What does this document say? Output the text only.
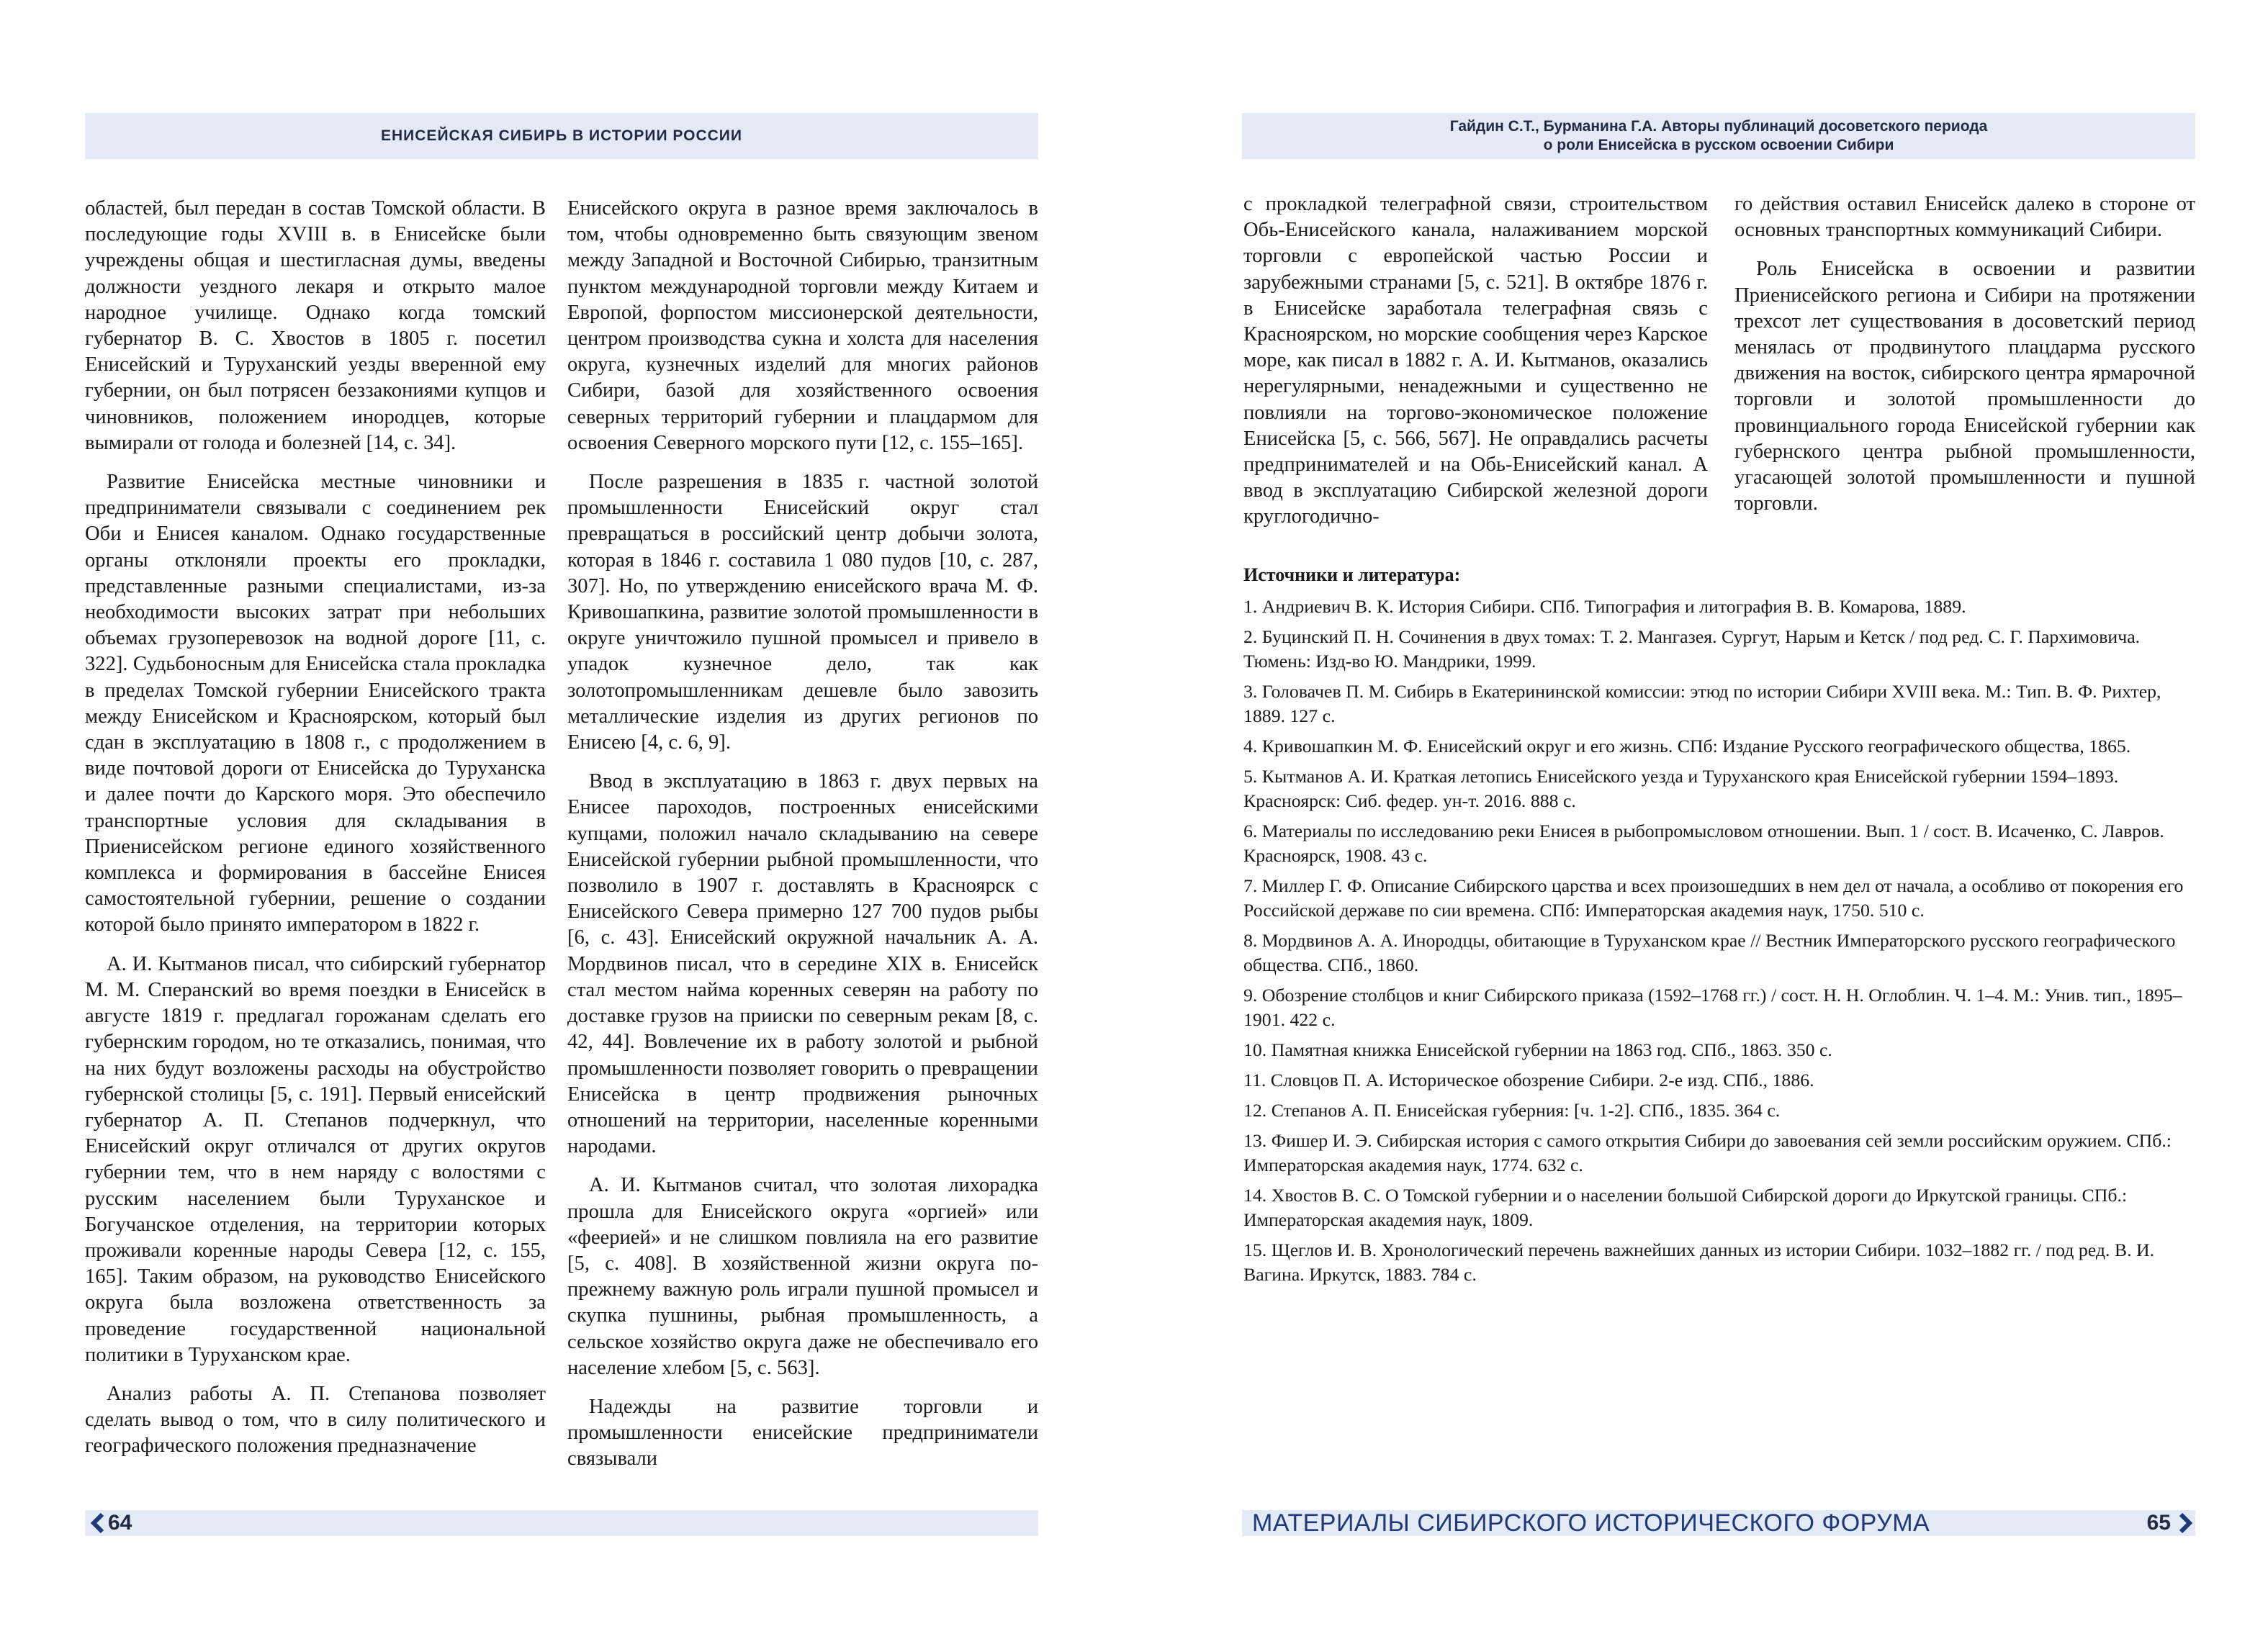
ЕНИСЕЙСКАЯ СИБИРЬ В ИСТОРИИ РОССИИ

областей, был передан в состав Томской области. В последующие годы XVIII в. в Енисейске были учреждены общая и шестигласная думы, введены должности уездного лекаря и открыто малое народное училище. Однако когда томский губернатор В. С. Хвостов в 1805 г. посетил Енисейский и Туруханский уезды вверенной ему губернии, он был потрясен беззакониями купцов и чиновников, положением инородцев, которые вымирали от голода и болезней [14, с. 34].

Развитие Енисейска местные чиновники и предприниматели связывали с соединением рек Оби и Енисея каналом. Однако государственные органы отклоняли проекты его прокладки, представленные разными специалистами, из-за необходимости высоких затрат при небольших объемах грузоперевозок на водной дороге [11, с. 322]. Судьбоносным для Енисейска стала прокладка в пределах Томской губернии Енисейского тракта между Енисейском и Красноярском, который был сдан в эксплуатацию в 1808 г., с продолжением в виде почтовой дороги от Енисейска до Туруханска и далее почти до Карского моря. Это обеспечило транспортные условия для складывания в Приенисейском регионе единого хозяйственного комплекса и формирования в бассейне Енисея самостоятельной губернии, решение о создании которой было принято императором в 1822 г.

А. И. Кытманов писал, что сибирский губернатор М. М. Сперанский во время поездки в Енисейск в августе 1819 г. предлагал горожанам сделать его губернским городом, но те отказались, понимая, что на них будут возложены расходы на обустройство губернской столицы [5, с. 191]. Первый енисейский губернатор А. П. Степанов подчеркнул, что Енисейский округ отличался от других округов губернии тем, что в нем наряду с волостями с русским населением были Туруханское и Богучанское отделения, на территории которых проживали коренные народы Севера [12, с. 155, 165]. Таким образом, на руководство Енисейского округа была возложена ответственность за проведение государственной национальной политики в Туруханском крае.

Анализ работы А. П. Степанова позволяет сделать вывод о том, что в силу политического и географического положения предназначение

Енисейского округа в разное время заключалось в том, чтобы одновременно быть связующим звеном между Западной и Восточной Сибирью, транзитным пунктом международной торговли между Китаем и Европой, форпостом миссионерской деятельности, центром производства сукна и холста для населения округа, кузнечных изделий для многих районов Сибири, базой для хозяйственного освоения северных территорий губернии и плацдармом для освоения Северного морского пути [12, с. 155–165].

После разрешения в 1835 г. частной золотой промышленности Енисейский округ стал превращаться в российский центр добычи золота, которая в 1846 г. составила 1 080 пудов [10, с. 287, 307]. Но, по утверждению енисейского врача М. Ф. Кривошапкина, развитие золотой промышленности в округе уничтожило пушной промысел и привело в упадок кузнечное дело, так как золотопромышленникам дешевле было завозить металлические изделия из других регионов по Енисею [4, с. 6, 9].

Ввод в эксплуатацию в 1863 г. двух первых на Енисее пароходов, построенных енисейскими купцами, положил начало складыванию на севере Енисейской губернии рыбной промышленности, что позволило в 1907 г. доставлять в Красноярск с Енисейского Севера примерно 127 700 пудов рыбы [6, с. 43]. Енисейский окружной начальник А. А. Мордвинов писал, что в середине XIX в. Енисейск стал местом найма коренных северян на работу по доставке грузов на прииски по северным рекам [8, с. 42, 44]. Вовлечение их в работу золотой и рыбной промышленности позволяет говорить о превращении Енисейска в центр продвижения рыночных отношений на территории, населенные коренными народами.

А. И. Кытманов считал, что золотая лихорадка прошла для Енисейского округа «оргией» или «феерией» и не слишком повлияла на его развитие [5, с. 408]. В хозяйственной жизни округа по-прежнему важную роль играли пушной промысел и скупка пушнины, рыбная промышленность, а сельское хозяйство округа даже не обеспечивало его население хлебом [5, с. 563].

Надежды на развитие торговли и промышленности енисейские предприниматели связывали

64
Гайдин С.Т., Бурманина Г.А. Авторы публинаций досоветского периода
о роли Енисейска в русском освоении Сибири

с прокладкой телеграфной связи, строительством Обь-Енисейского канала, налаживанием морской торговли с европейской частью России и зарубежными странами [5, с. 521]. В октябре 1876 г. в Енисейске заработала телеграфная связь с Красноярском, но морские сообщения через Карское море, как писал в 1882 г. А. И. Кытманов, оказались нерегулярными, ненадежными и существенно не повлияли на торгово-экономическое положение Енисейска [5, с. 566, 567]. Не оправдались расчеты предпринимателей и на Обь-Енисейский канал. А ввод в эксплуатацию Сибирской железной дороги круглогодично-

го действия оставил Енисейск далеко в стороне от основных транспортных коммуникаций Сибири.

Роль Енисейска в освоении и развитии Приенисейского региона и Сибири на протяжении трехсот лет существования в досоветский период менялась от продвинутого плацдарма русского движения на восток, сибирского центра ярмарочной торговли и золотой промышленности до провинциального города Енисейской губернии как губернского центра рыбной промышленности, угасающей золотой промышленности и пушной торговли.

Источники и литература:
1. Андриевич В. К. История Сибири. СПб. Типография и литография В. В. Комарова, 1889.
2. Буцинский П. Н. Сочинения в двух томах: Т. 2. Мангазея. Сургут, Нарым и Кетск / под ред. С. Г. Пархимовича. Тюмень: Изд-во Ю. Мандрики, 1999.
3. Головачев П. М. Сибирь в Екатерининской комиссии: этюд по истории Сибири XVIII века. М.: Тип. В. Ф. Рихтер, 1889. 127 с.
4. Кривошапкин М. Ф. Енисейский округ и его жизнь. СПб: Издание Русского географического общества, 1865.
5. Кытманов А. И. Краткая летопись Енисейского уезда и Туруханского края Енисейской губернии 1594–1893. Красноярск: Сиб. федер. ун-т. 2016. 888 с.
6. Материалы по исследованию реки Енисея в рыбопромысловом отношении. Вып. 1 / сост. В. Исаченко, С. Лавров. Красноярск, 1908. 43 с.
7. Миллер Г. Ф. Описание Сибирского царства и всех произошедших в нем дел от начала, а особливо от покорения его Российской державе по сии времена. СПб: Императорская академия наук, 1750. 510 с.
8. Мордвинов А. А. Инородцы, обитающие в Туруханском крае // Вестник Императорского русского географического общества. СПб., 1860.
9. Обозрение столбцов и книг Сибирского приказа (1592–1768 гг.) / сост. Н. Н. Оглоблин. Ч. 1–4. М.: Унив. тип., 1895–1901. 422 с.
10. Памятная книжка Енисейской губернии на 1863 год. СПб., 1863. 350 с.
11. Словцов П. А. Историческое обозрение Сибири. 2-е изд. СПб., 1886.
12. Степанов А. П. Енисейская губерния: [ч. 1-2]. СПб., 1835. 364 с.
13. Фишер И. Э. Сибирская история с самого открытия Сибири до завоевания сей земли российским оружием. СПб.: Императорская академия наук, 1774. 632 с.
14. Хвостов В. С. О Томской губернии и о населении большой Сибирской дороги до Иркутской границы. СПб.: Императорская академия наук, 1809.
15. Щеглов И. В. Хронологический перечень важнейших данных из истории Сибири. 1032–1882 гг. / под ред. В. И. Вагина. Иркутск, 1883. 784 с.
МАТЕРИАЛЫ СИБИРСКОГО ИСТОРИЧЕСКОГО ФОРУМА	65
